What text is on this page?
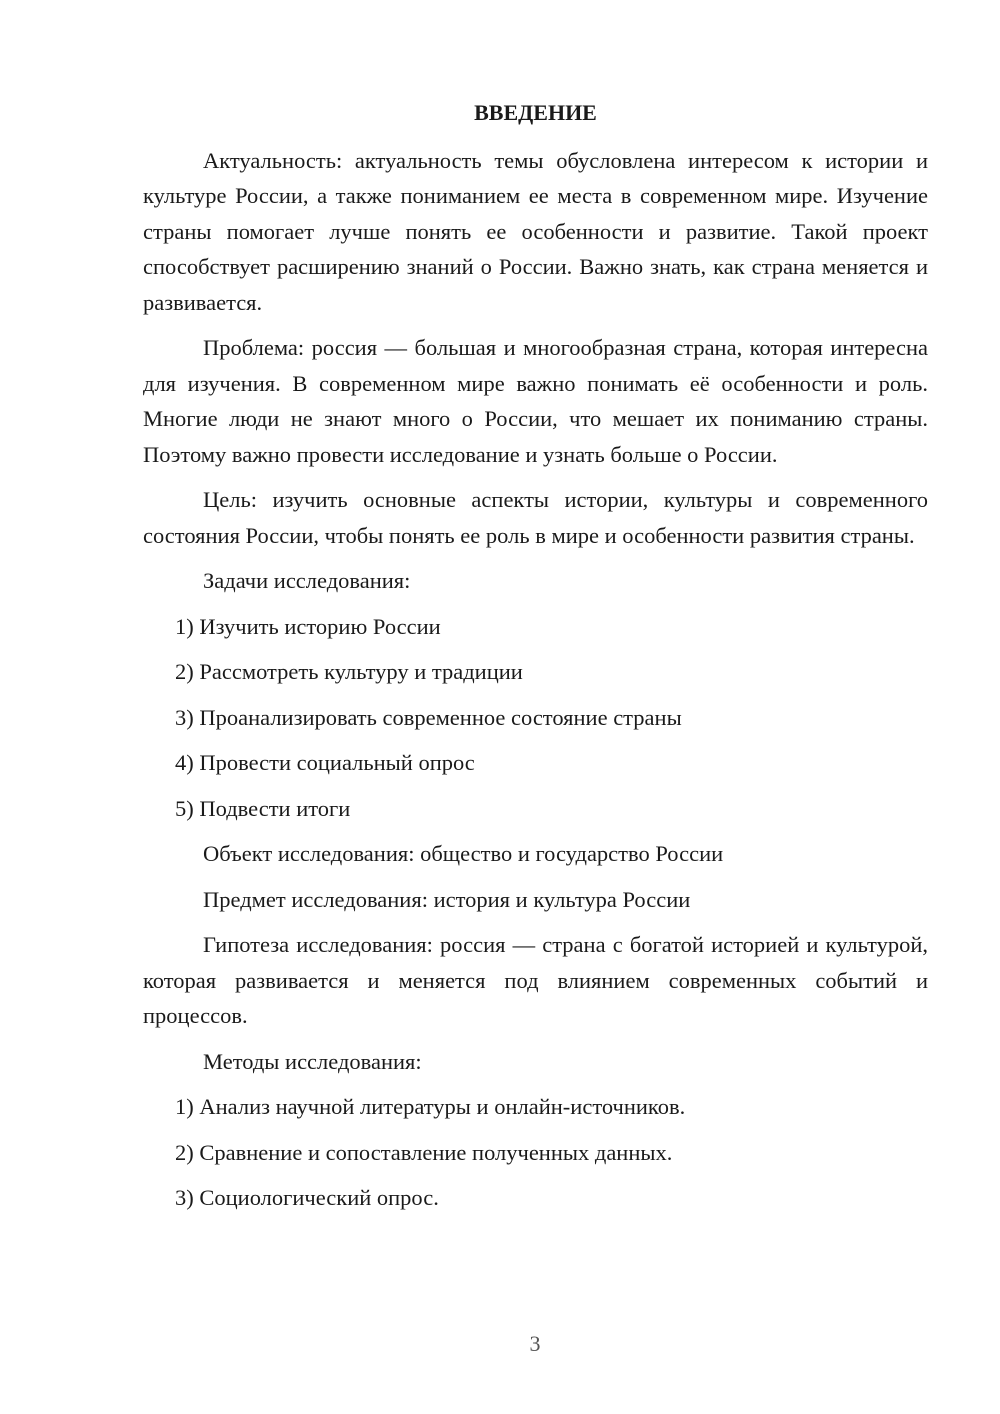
ВВЕДЕНИЕ

Актуальность: актуальность темы обусловлена интересом к истории и культуре России, а также пониманием ее места в современном мире. Изучение страны помогает лучше понять ее особенности и развитие. Такой проект способствует расширению знаний о России. Важно знать, как страна меняется и развивается.

Проблема: россия — большая и многообразная страна, которая интересна для изучения. В современном мире важно понимать её особенности и роль. Многие люди не знают много о России, что мешает их пониманию страны. Поэтому важно провести исследование и узнать больше о России.

Цель: изучить основные аспекты истории, культуры и современного состояния России, чтобы понять ее роль в мире и особенности развития страны.

Задачи исследования:

1) Изучить историю России

2) Рассмотреть культуру и традиции

3) Проанализировать современное состояние страны

4) Провести социальный опрос

5) Подвести итоги

Объект исследования: общество и государство России

Предмет исследования: история и культура России

Гипотеза исследования: россия — страна с богатой историей и культурой, которая развивается и меняется под влиянием современных событий и процессов.

Методы исследования:

1) Анализ научной литературы и онлайн-источников.

2) Сравнение и сопоставление полученных данных.

3) Социологический опрос.

3
